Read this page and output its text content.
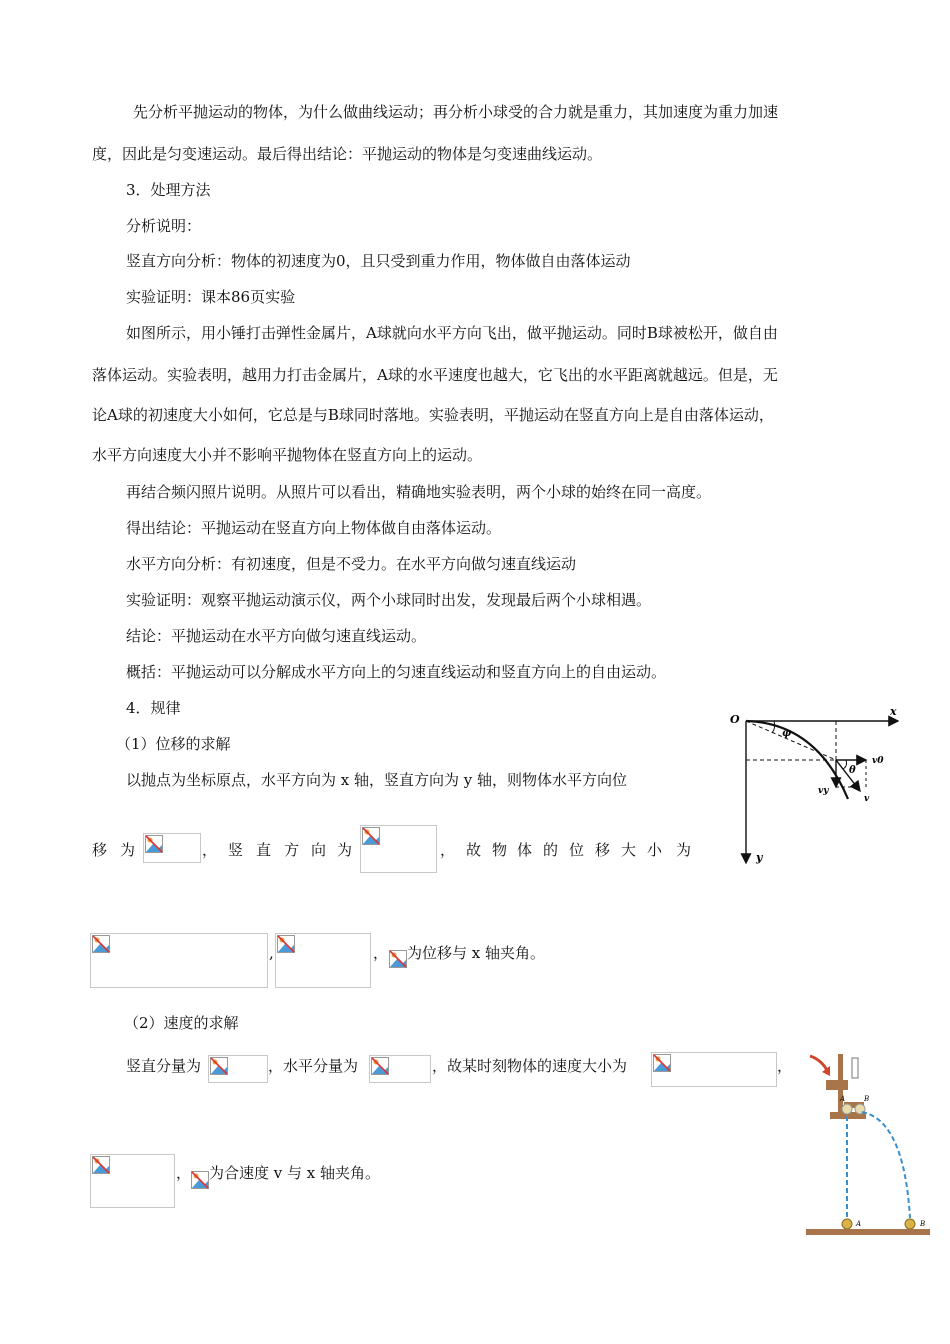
先分析平抛运动的物体，为什么做曲线运动；再分析小球受的合力就是重力，其加速度为重力加速
度，因此是匀变速运动。最后得出结论：平抛运动的物体是匀变速曲线运动。
3．处理方法
分析说明：
竖直方向分析：物体的初速度为0，且只受到重力作用，物体做自由落体运动
实验证明：课本86页实验
如图所示，用小锤打击弹性金属片，A球就向水平方向飞出，做平抛运动。同时B球被松开，做自由
落体运动。实验表明，越用力打击金属片，A球的水平速度也越大，它飞出的水平距离就越远。但是，无
论A球的初速度大小如何，它总是与B球同时落地。实验表明，平抛运动在竖直方向上是自由落体运动，
水平方向速度大小并不影响平抛物体在竖直方向上的运动。
再结合频闪照片说明。从照片可以看出，精确地实验表明，两个小球的始终在同一高度。
得出结论：平抛运动在竖直方向上物体做自由落体运动。
水平方向分析：有初速度，但是不受力。在水平方向做匀速直线运动
实验证明：观察平抛运动演示仪，两个小球同时出发，发现最后两个小球相遇。
结论：平抛运动在水平方向做匀速直线运动。
概括：平抛运动可以分解成水平方向上的匀速直线运动和竖直方向上的自由运动。
4．规律
（1）位移的求解
以抛点为坐标原点，水平方向为 x 轴，竖直方向为 y 轴，则物体水平方向位
移 为	， 竖 直 方 向 为	， 故 物 体 的 位 移 大 小 为
,	， 为位移与 x 轴夹角。
（2）速度的求解
竖直分量为	，水平分量为	，故某时刻物体的速度大小为	，
， 为合速度 v 与 x 轴夹角。
O
x
y
φ
θ
v0
vy
v
A	B
A	B
